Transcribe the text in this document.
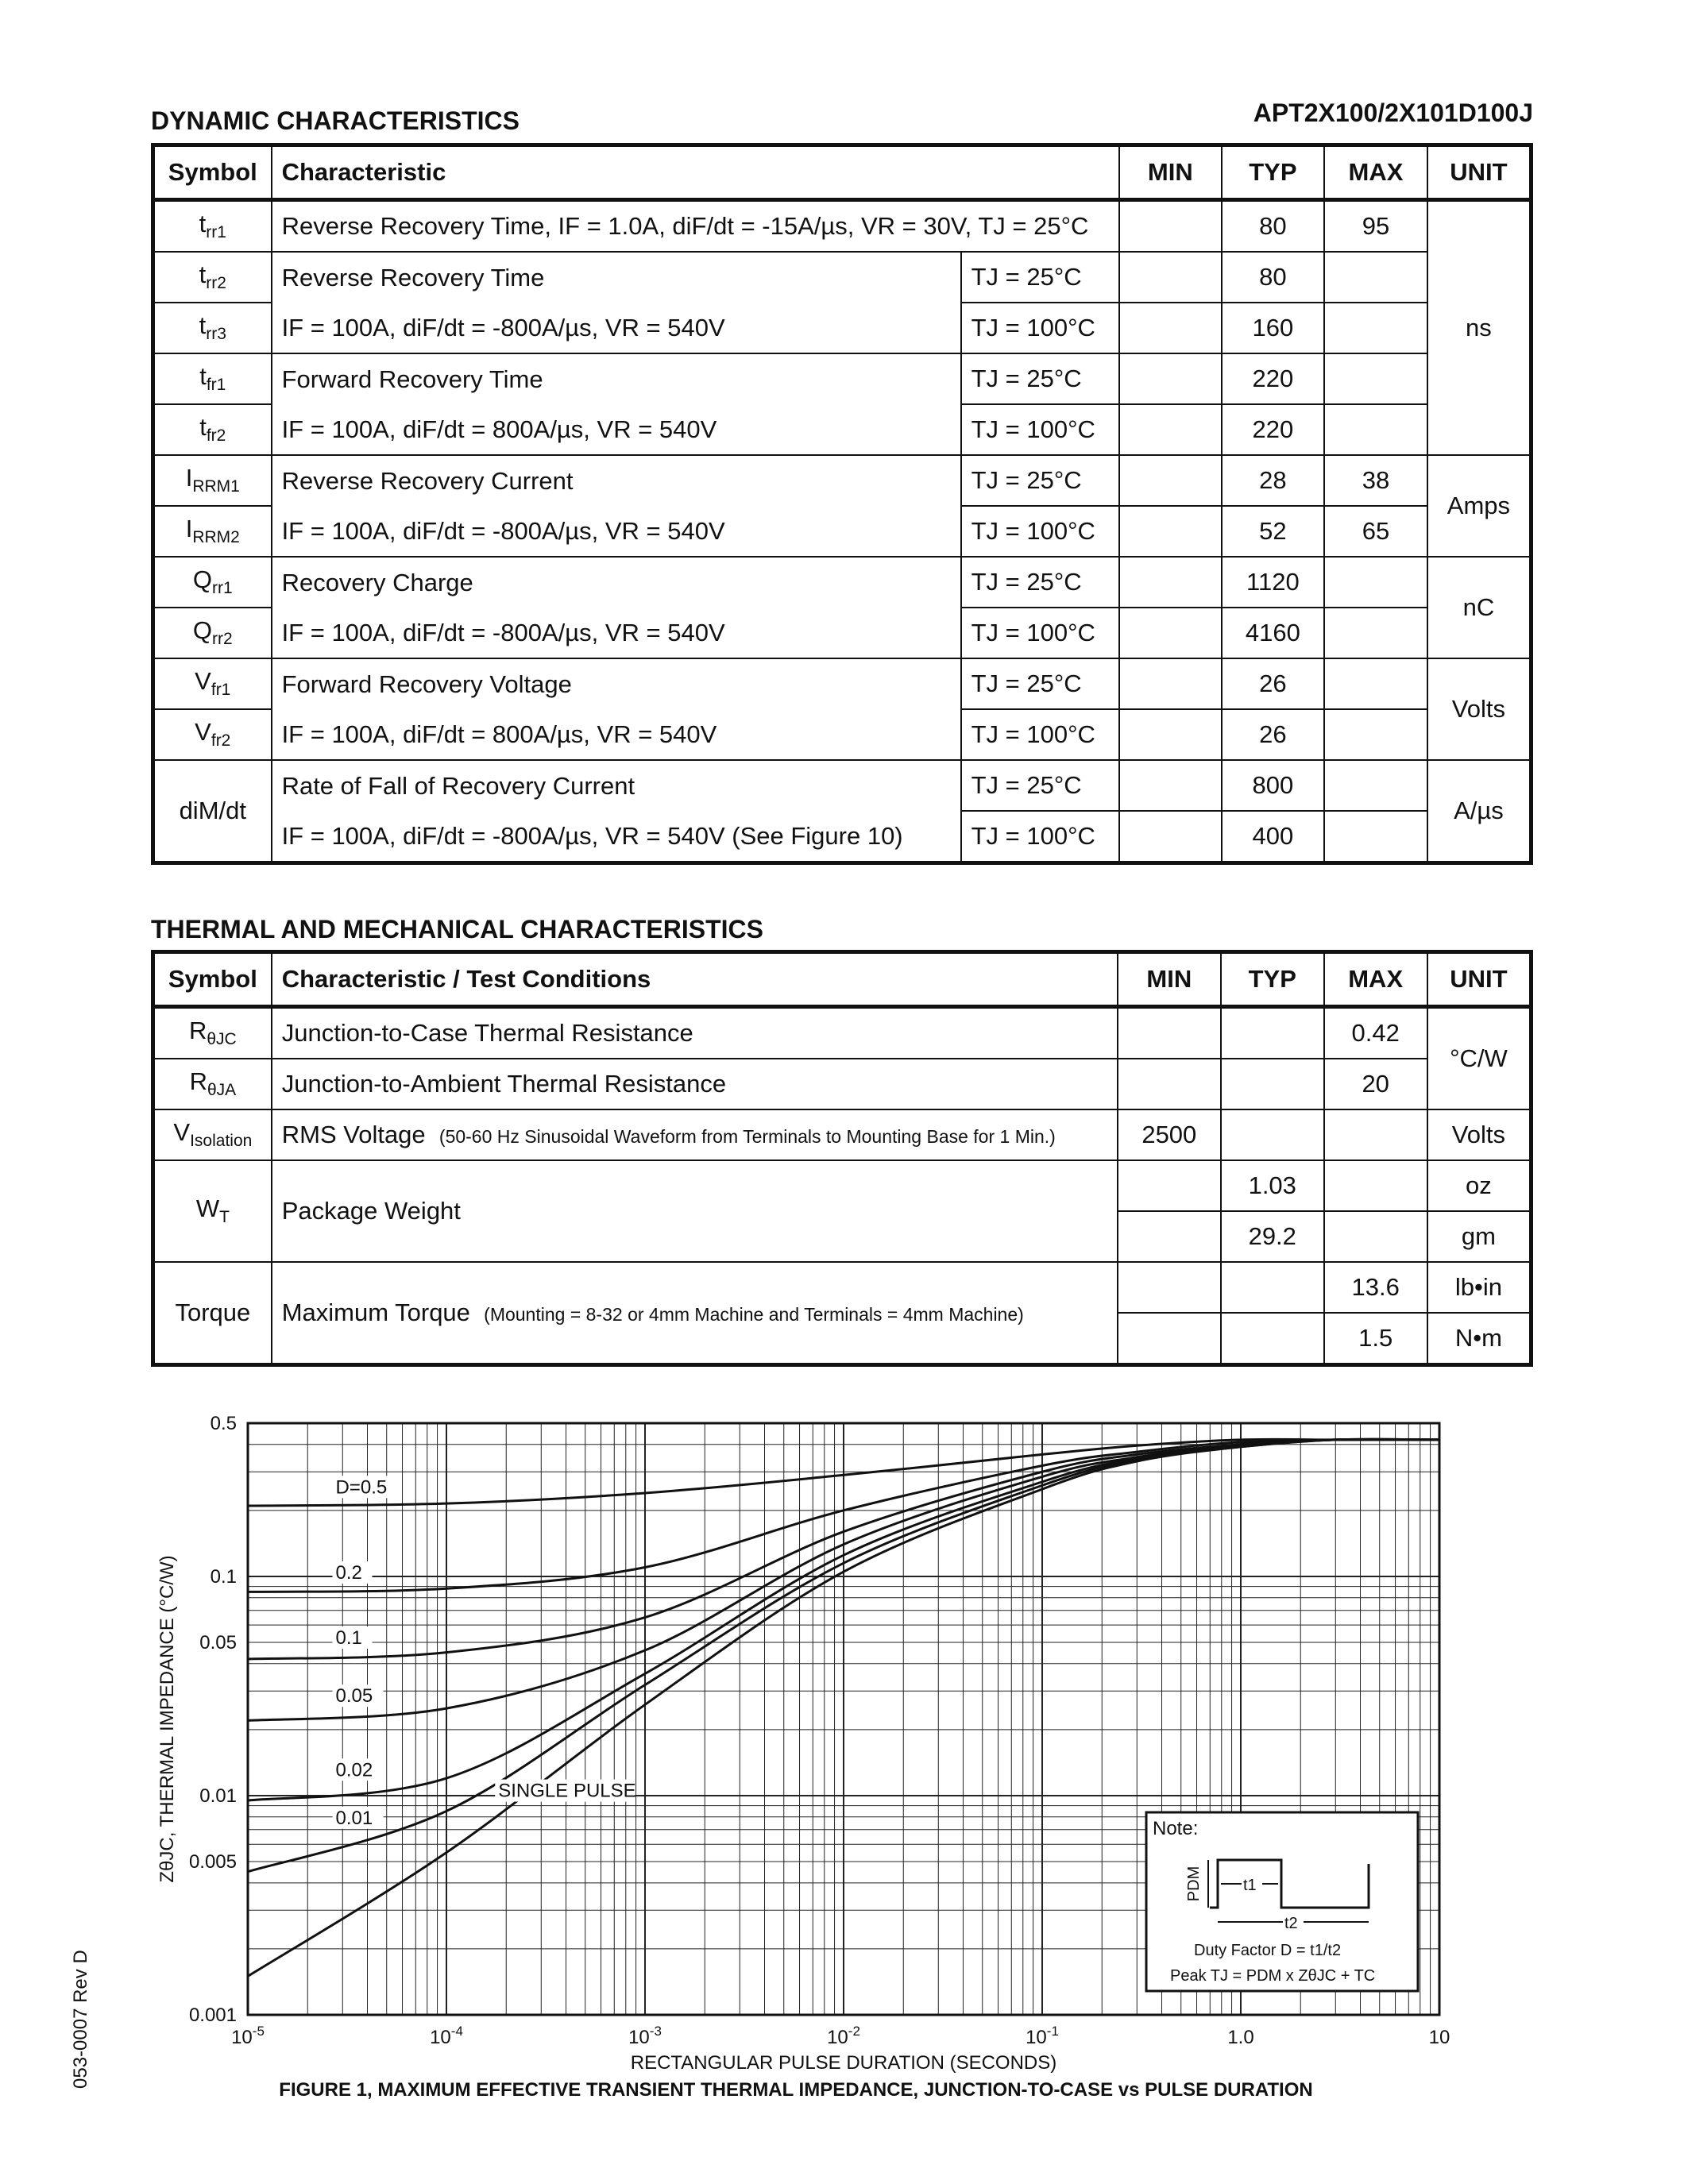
DYNAMIC CHARACTERISTICS	APT2X100/2X101D100J
Symbol	Characteristic		MIN	TYP	MAX	UNIT
$t_{rr1}$	Reverse Recovery Time, IF = 1.0A, diF/dt = -15A/µs, VR = 30V, TJ = 25°C			80	95	ns
$t_{rr2}$	Reverse Recovery Time	TJ = 25°C		80		
$t_{rr3}$	IF = 100A, diF/dt = -800A/µs, VR = 540V	TJ = 100°C		160		
$t_{fr1}$	Forward Recovery Time	TJ = 25°C		220		
$t_{fr2}$	IF = 100A, diF/dt = 800A/µs, VR = 540V	TJ = 100°C		220		
$I_{RRM1}$	Reverse Recovery Current	TJ = 25°C		28	38	Amps
$I_{RRM2}$	IF = 100A, diF/dt = -800A/µs, VR = 540V	TJ = 100°C		52	65	
$Q_{rr1}$	Recovery Charge	TJ = 25°C		1120		nC
$Q_{rr2}$	IF = 100A, diF/dt = -800A/µs, VR = 540V	TJ = 100°C		4160		
$V_{fr1}$	Forward Recovery Voltage	TJ = 25°C		26		Volts
$V_{fr2}$	IF = 100A, diF/dt = 800A/µs, VR = 540V	TJ = 100°C		26		
diM/dt	Rate of Fall of Recovery Current	TJ = 25°C		800		A/µs
	IF = 100A, diF/dt = -800A/µs, VR = 540V (See Figure 10)	TJ = 100°C		400		
THERMAL AND MECHANICAL CHARACTERISTICS
Symbol	Characteristic / Test Conditions	MIN	TYP	MAX	UNIT
$R_{\theta JC}$	Junction-to-Case Thermal Resistance			0.42	°C/W
$R_{\theta JA}$	Junction-to-Ambient Thermal Resistance			20	
$V_{Isolation}$	RMS Voltage (50-60 Hz Sinusoidal Waveform from Terminals to Mounting Base for 1 Min.)	2500			Volts
$W_T$	Package Weight		1.03		oz
			29.2		gm
Torque	Maximum Torque (Mounting = 8-32 or 4mm Machine and Terminals = 4mm Machine)			13.6	lb•in
				1.5	N•m
0.5
0.1
0.05
0.01
0.005
0.001
$10^{-5}$	$10^{-4}$	$10^{-3}$	$10^{-2}$	$10^{-1}$	1.0	10
RECTANGULAR PULSE DURATION (SECONDS)
FIGURE 1, MAXIMUM EFFECTIVE TRANSIENT THERMAL IMPEDANCE, JUNCTION-TO-CASE vs PULSE DURATION
ZθJC, THERMAL IMPEDANCE (°C/W)
D=0.5
0.2
0.1
0.05
0.02
0.01
SINGLE PULSE
Note:
PDM	t1
t2
Duty Factor D = t1/t2
Peak TJ = PDM x ZθJC + TC
053-0007 Rev D
